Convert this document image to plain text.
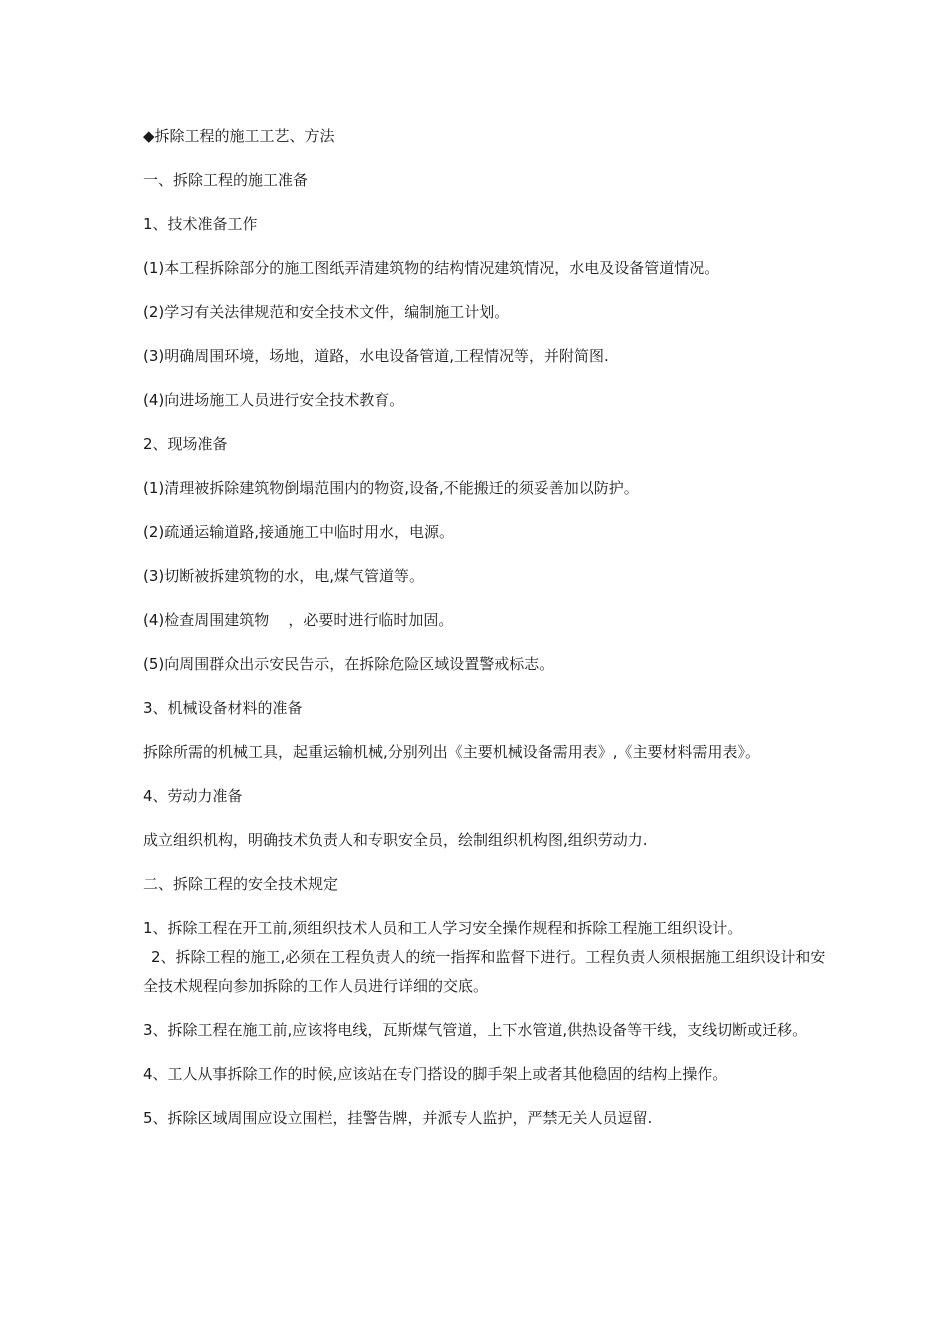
◆拆除工程的施工工艺、方法

一、拆除工程的施工准备

1、技术准备工作

(1)本工程拆除部分的施工图纸弄清建筑物的结构情况建筑情况，水电及设备管道情况。

(2)学习有关法律规范和安全技术文件，编制施工计划。

(3)明确周围环境，场地，道路，水电设备管道,工程情况等，并附简图.

(4)向进场施工人员进行安全技术教育。

2、现场准备

(1)清理被拆除建筑物倒塌范围内的物资,设备,不能搬迁的须妥善加以防护。

(2)疏通运输道路,接通施工中临时用水，电源。

(3)切断被拆建筑物的水，电,煤气管道等。

(4)检查周围建筑物    ，必要时进行临时加固。

(5)向周围群众出示安民告示，在拆除危险区域设置警戒标志。

3、机械设备材料的准备

拆除所需的机械工具，起重运输机械,分别列出《主要机械设备需用表》,《主要材料需用表》。

4、劳动力准备

成立组织机构，明确技术负责人和专职安全员，绘制组织机构图,组织劳动力.

二、拆除工程的安全技术规定

1、拆除工程在开工前,须组织技术人员和工人学习安全操作规程和拆除工程施工组织设计。

2、拆除工程的施工,必须在工程负责人的统一指挥和监督下进行。工程负责人须根据施工组织设计和安全技术规程向参加拆除的工作人员进行详细的交底。

3、拆除工程在施工前,应该将电线，瓦斯煤气管道，上下水管道,供热设备等干线，支线切断或迁移。

4、工人从事拆除工作的时候,应该站在专门搭设的脚手架上或者其他稳固的结构上操作。

5、拆除区域周围应设立围栏，挂警告牌，并派专人监护，严禁无关人员逗留.
